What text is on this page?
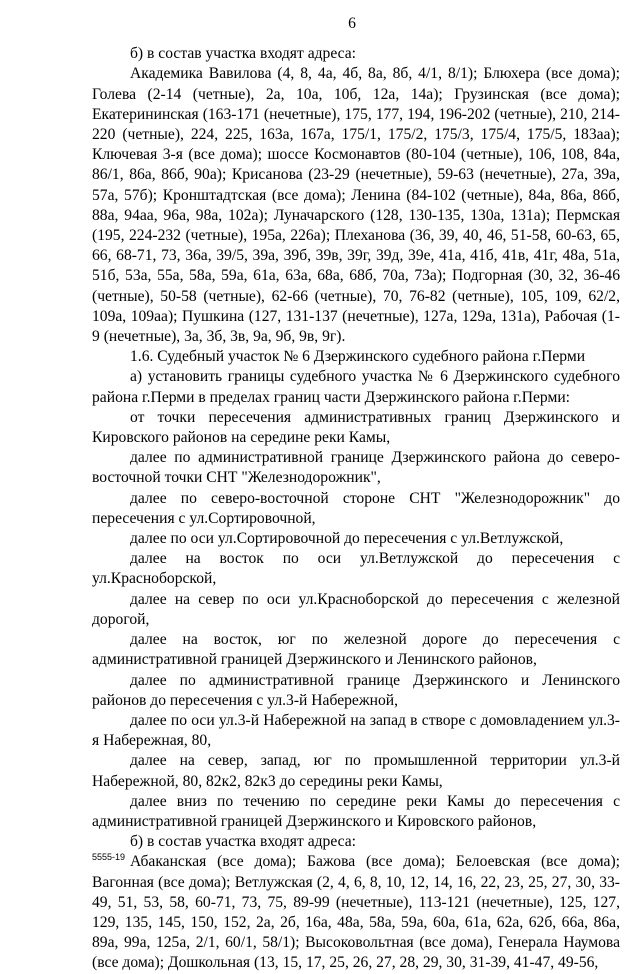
6

б) в состав участка входят адреса:

Академика Вавилова (4, 8, 4а, 4б, 8а, 8б, 4/1, 8/1); Блюхера (все дома); Голева (2-14 (четные), 2а, 10а, 10б, 12а, 14а); Грузинская (все дома); Екатерининская (163-171 (нечетные), 175, 177, 194, 196-202 (четные), 210, 214-220 (четные), 224, 225, 163а, 167а, 175/1, 175/2, 175/3, 175/4, 175/5, 183аа); Ключевая 3-я (все дома); шоссе Космонавтов (80-104 (четные), 106, 108, 84а, 86/1, 86а, 86б, 90а); Крисанова (23-29 (нечетные), 59-63 (нечетные), 27а, 39а, 57а, 57б); Кронштадтская (все дома); Ленина (84-102 (четные), 84а, 86а, 86б, 88а, 94аа, 96а, 98а, 102а); Луначарского (128, 130-135, 130а, 131а); Пермская (195, 224-232 (четные), 195а, 226а); Плеханова (36, 39, 40, 46, 51-58, 60-63, 65, 66, 68-71, 73, 36а, 39/5, 39а, 39б, 39в, 39г, 39д, 39е, 41а, 41б, 41в, 41г, 48а, 51а, 51б, 53а, 55а, 58а, 59а, 61а, 63а, 68а, 68б, 70а, 73а); Подгорная (30, 32, 36-46 (четные), 50-58 (четные), 62-66 (четные), 70, 76-82 (четные), 105, 109, 62/2, 109а, 109аа); Пушкина (127, 131-137 (нечетные), 127а, 129а, 131а), Рабочая (1-9 (нечетные), 3а, 3б, 3в, 9а, 9б, 9в, 9г).

1.6. Судебный участок № 6 Дзержинского судебного района г.Перми

а) установить границы судебного участка № 6 Дзержинского судебного района г.Перми в пределах границ части Дзержинского района г.Перми:

от точки пересечения административных границ Дзержинского и Кировского районов на середине реки Камы,

далее по административной границе Дзержинского района до северо-восточной точки СНТ "Железнодорожник",

далее по северо-восточной стороне СНТ "Железнодорожник" до пересечения с ул.Сортировочной,

далее по оси ул.Сортировочной до пересечения с ул.Ветлужской,

далее на восток по оси ул.Ветлужской до пересечения с ул.Красноборской,

далее на север по оси ул.Красноборской до пересечения с железной дорогой,

далее на восток, юг по железной дороге до пересечения с административной границей Дзержинского и Ленинского районов,

далее по административной границе Дзержинского и Ленинского районов до пересечения с ул.3-й Набережной,

далее по оси ул.3-й Набережной на запад в створе с домовладением ул.3-я Набережная, 80,

далее на север, запад, юг по промышленной территории ул.3-й Набережной, 80, 82к2, 82к3 до середины реки Камы,

далее вниз по течению по середине реки Камы до пересечения с административной границей Дзержинского и Кировского районов,

б) в состав участка входят адреса:

Абаканская (все дома); Бажова (все дома); Белоевская (все дома); Вагонная (все дома); Ветлужская (2, 4, 6, 8, 10, 12, 14, 16, 22, 23, 25, 27, 30, 33-49, 51, 53, 58, 60-71, 73, 75, 89-99 (нечетные), 113-121 (нечетные), 125, 127, 129, 135, 145, 150, 152, 2а, 2б, 16а, 48а, 58а, 59а, 60а, 61а, 62а, 62б, 66а, 86а, 89а, 99а, 125а, 2/1, 60/1, 58/1); Высоковольтная (все дома), Генерала Наумова (все дома); Дошкольная (13, 15, 17, 25, 26, 27, 28, 29, 30, 31-39, 41-47, 49-56,

5555-19
